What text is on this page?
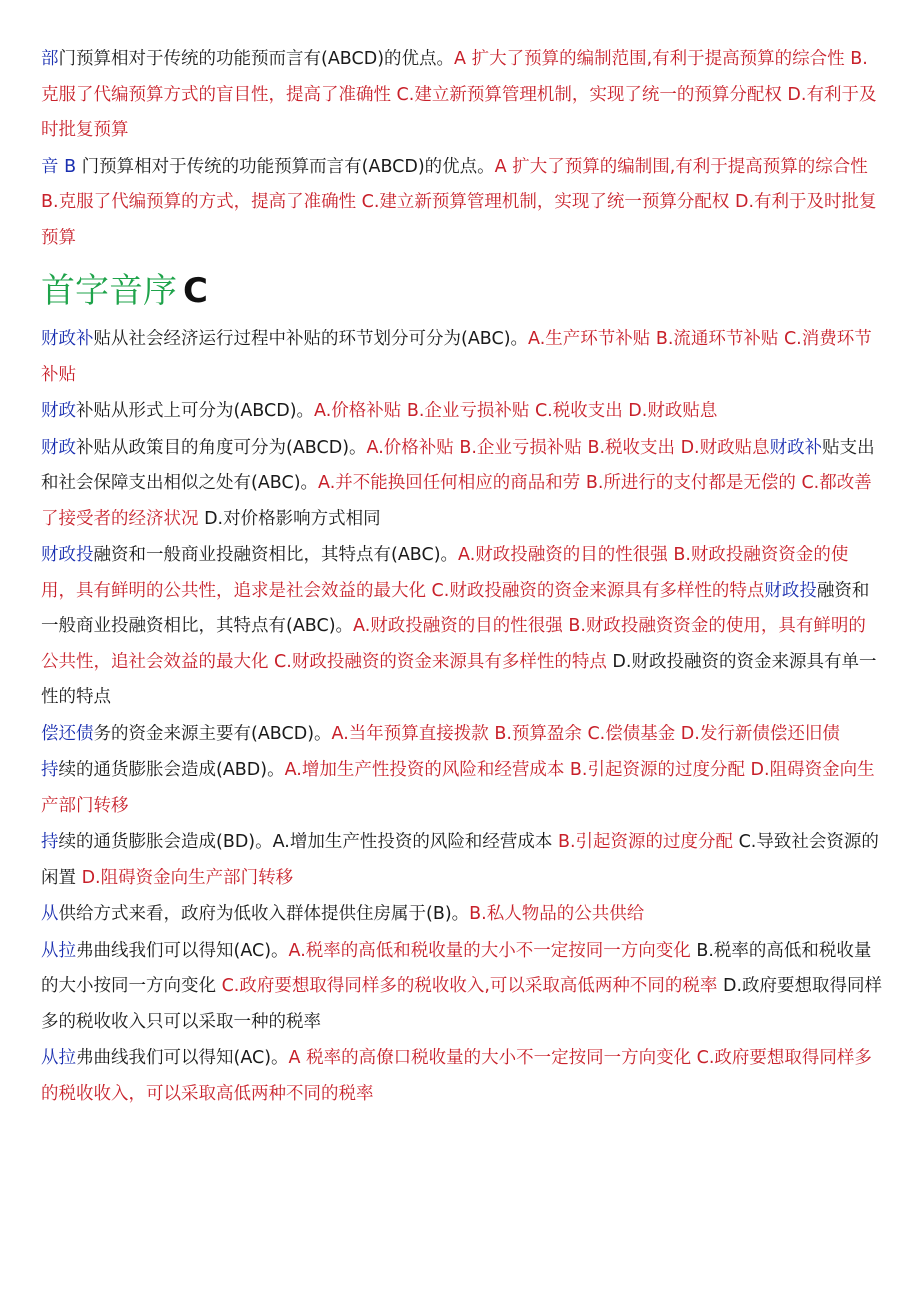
部门预算相对于传统的功能预而言有(ABCD)的优点。A 扩大了预算的编制范围,有利于提高预算的综合性 B.克服了代编预算方式的盲目性，提高了准确性 C.建立新预算管理机制，实现了统一的预算分配权 D.有利于及时批复预算

音 B 门预算相对于传统的功能预算而言有(ABCD)的优点。A 扩大了预算的编制围,有利于提高预算的综合性 B.克服了代编预算的方式，提高了准确性 C.建立新预算管理机制，实现了统一预算分配权 D.有利于及时批复预算

首字音序 C

财政补贴从社会经济运行过程中补贴的环节划分可分为(ABC)。A.生产环节补贴 B.流通环节补贴 C.消费环节补贴

财政补贴从形式上可分为(ABCD)。A.价格补贴 B.企业亏损补贴 C.税收支出 D.财政贴息

财政补贴从政策目的角度可分为(ABCD)。A.价格补贴 B.企业亏损补贴 B.税收支出 D.财政贴息财政补贴支出和社会保障支出相似之处有(ABC)。A.并不能换回任何相应的商品和劳 B.所进行的支付都是无偿的 C.都改善了接受者的经济状况 D.对价格影响方式相同

财政投融资和一般商业投融资相比，其特点有(ABC)。A.财政投融资的目的性很强 B.财政投融资资金的使用，具有鲜明的公共性，追求是社会效益的最大化 C.财政投融资的资金来源具有多样性的特点财政投融资和一般商业投融资相比，其特点有(ABC)。A.财政投融资的目的性很强 B.财政投融资资金的使用，具有鲜明的公共性，追社会效益的最大化 C.财政投融资的资金来源具有多样性的特点 D.财政投融资的资金来源具有单一性的特点

偿还债务的资金来源主要有(ABCD)。A.当年预算直接拨款 B.预算盈余 C.偿债基金 D.发行新债偿还旧债

持续的通货膨胀会造成(ABD)。A.增加生产性投资的风险和经营成本 B.引起资源的过度分配 D.阻碍资金向生产部门转移

持续的通货膨胀会造成(BD)。A.增加生产性投资的风险和经营成本 B.引起资源的过度分配 C.导致社会资源的闲置 D.阻碍资金向生产部门转移

从供给方式来看，政府为低收入群体提供住房属于(B)。B.私人物品的公共供给

从拉弗曲线我们可以得知(AC)。A.税率的高低和税收量的大小不一定按同一方向变化 B.税率的高低和税收量的大小按同一方向变化 C.政府要想取得同样多的税收收入,可以采取高低两种不同的税率 D.政府要想取得同样多的税收收入只可以采取一种的税率

从拉弗曲线我们可以得知(AC)。A 税率的高僚口税收量的大小不一定按同一方向变化 C.政府要想取得同样多的税收收入，可以采取高低两种不同的税率
